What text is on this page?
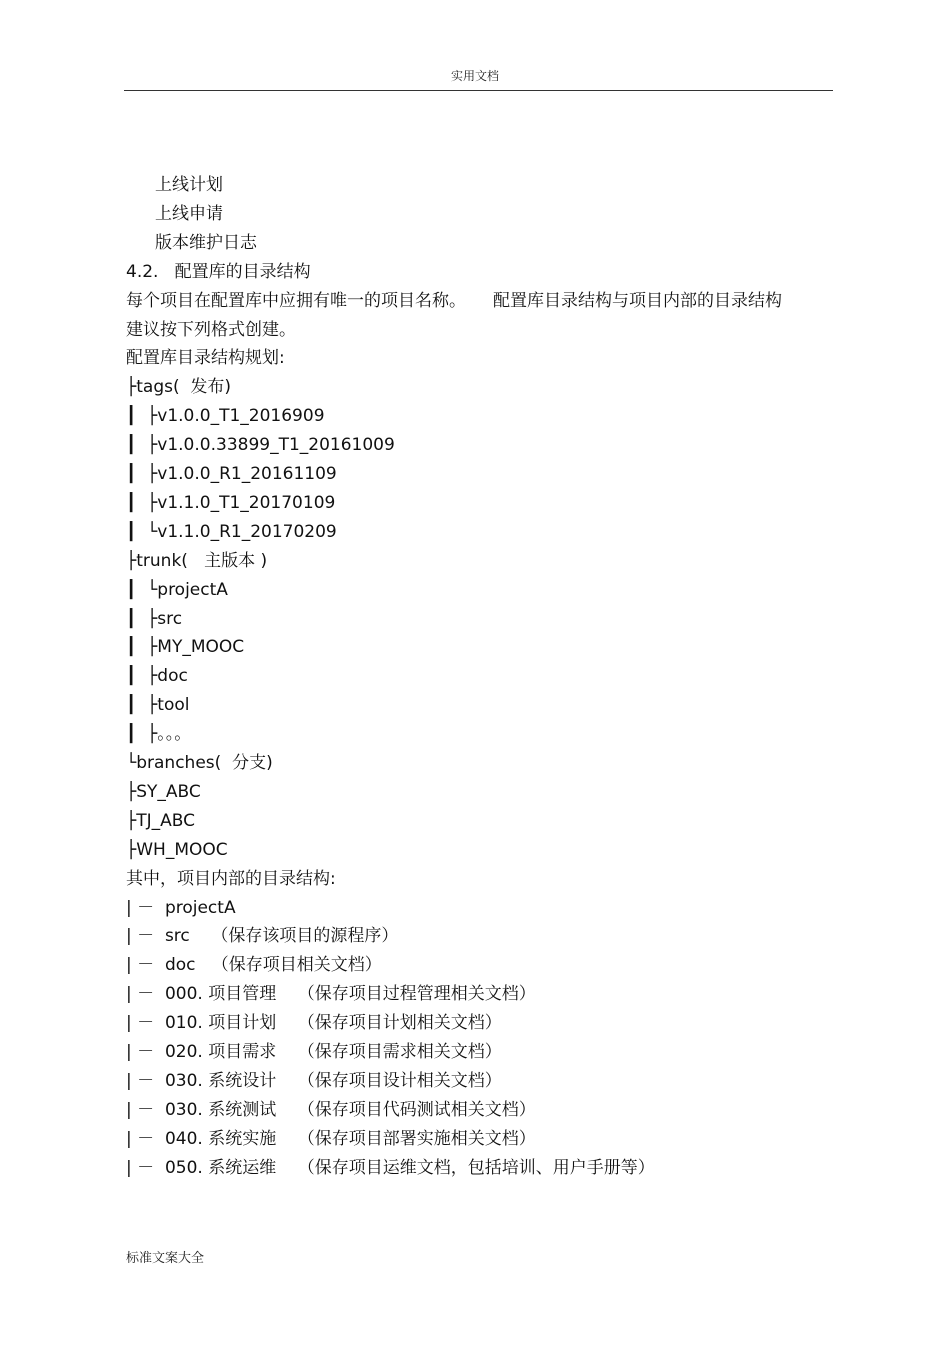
实用文档
上线计划
上线申请
版本维护日志
4.2.   配置库的目录结构
每个项目在配置库中应拥有唯一的项目名称。     配置库目录结构与项目内部的目录结构
建议按下列格式创建。
配置库目录结构规划:
├tags(  发布)
┃  ├v1.0.0_T1_2016909
┃  ├v1.0.0.33899_T1_20161009
┃  ├v1.0.0_R1_20161109
┃  ├v1.1.0_T1_20170109
┃  └v1.1.0_R1_20170209
├trunk(   主版本 )
┃  └projectA
┃  ├src
┃  ├MY_MOOC
┃  ├doc
┃  ├tool
┃  ├。。。
└branches(  分支)
├SY_ABC
├TJ_ABC
├WH_MOOC
其中，项目内部的目录结构:
| －  projectA
| －  src    （保存该项目的源程序）
| －  doc   （保存项目相关文档）
| －  000. 项目管理    （保存项目过程管理相关文档）
| －  010. 项目计划    （保存项目计划相关文档）
| －  020. 项目需求    （保存项目需求相关文档）
| －  030. 系统设计    （保存项目设计相关文档）
| －  030. 系统测试    （保存项目代码测试相关文档）
| －  040. 系统实施    （保存项目部署实施相关文档）
| －  050. 系统运维    （保存项目运维文档，包括培训、用户手册等）
标准文案大全
